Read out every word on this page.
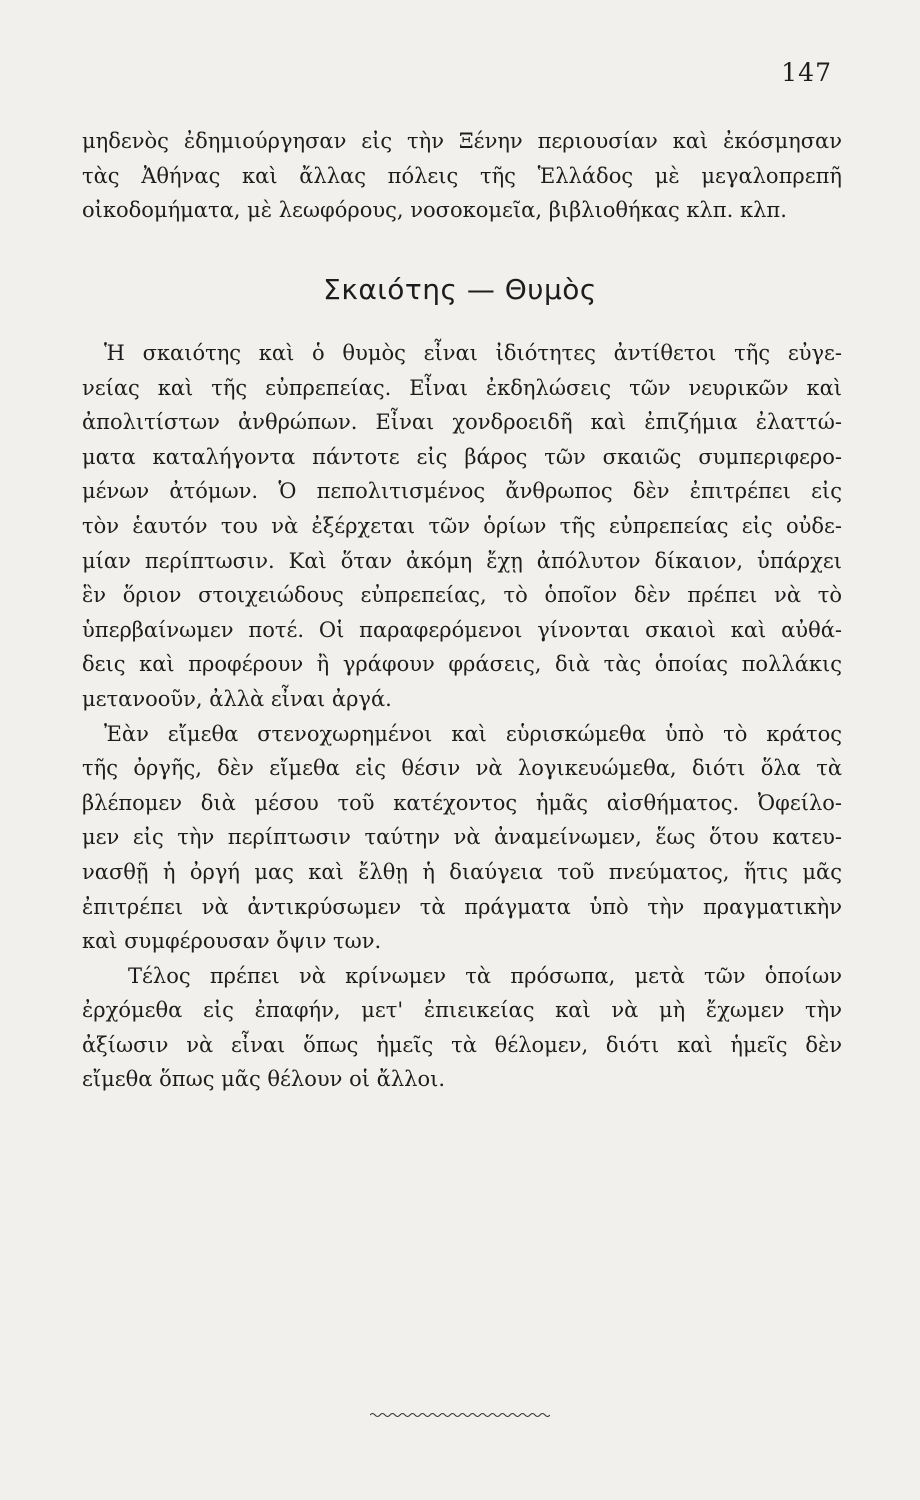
147
μηδενὸς ἐδημιούργησαν εἰς τὴν Ξένην περιουσίαν καὶ ἐκόσμησαν
τὰς Ἀθήνας καὶ ἄλλας πόλεις τῆς Ἑλλάδος μὲ μεγαλοπρεπῆ
οἰκοδομήματα, μὲ λεωφόρους, νοσοκομεῖα, βιβλιοθήκας κλπ. κλπ.
Σκαιότης — Θυμὸς
Ἡ σκαιότης καὶ ὁ θυμὸς εἶναι ἰδιότητες ἀντίθετοι τῆς εὐγε-
νείας καὶ τῆς εὐπρεπείας. Εἶναι ἐκδηλώσεις τῶν νευρικῶν καὶ
ἀπολιτίστων ἀνθρώπων. Εἶναι χονδροειδῆ καὶ ἐπιζήμια ἐλαττώ-
ματα καταλήγοντα πάντοτε εἰς βάρος τῶν σκαιῶς συμπεριφερο-
μένων ἀτόμων. Ὁ πεπολιτισμένος ἄνθρωπος δὲν ἐπιτρέπει εἰς
τὸν ἑαυτόν του νὰ ἐξέρχεται τῶν ὁρίων τῆς εὐπρεπείας εἰς οὐδε-
μίαν περίπτωσιν. Καὶ ὅταν ἀκόμη ἔχῃ ἀπόλυτον δίκαιον, ὑπάρχει
ἓν ὅριον στοιχειώδους εὐπρεπείας, τὸ ὁποῖον δὲν πρέπει νὰ τὸ
ὑπερβαίνωμεν ποτέ. Οἱ παραφερόμενοι γίνονται σκαιοὶ καὶ αὐθά-
δεις καὶ προφέρουν ἢ γράφουν φράσεις, διὰ τὰς ὁποίας πολλάκις
μετανοοῦν, ἀλλὰ εἶναι ἀργά.
Ἐὰν εἴμεθα στενοχωρημένοι καὶ εὑρισκώμεθα ὑπὸ τὸ κράτος
τῆς ὀργῆς, δὲν εἴμεθα εἰς θέσιν νὰ λογικευώμεθα, διότι ὅλα τὰ
βλέπομεν διὰ μέσου τοῦ κατέχοντος ἡμᾶς αἰσθήματος. Ὀφείλο-
μεν εἰς τὴν περίπτωσιν ταύτην νὰ ἀναμείνωμεν, ἕως ὅτου κατευ-
νασθῇ ἡ ὀργή μας καὶ ἔλθῃ ἡ διαύγεια τοῦ πνεύματος, ἥτις μᾶς
ἐπιτρέπει νὰ ἀντικρύσωμεν τὰ πράγματα ὑπὸ τὴν πραγματικὴν
καὶ συμφέρουσαν ὄψιν των.
Τέλος πρέπει νὰ κρίνωμεν τὰ πρόσωπα, μετὰ τῶν ὁποίων
ἐρχόμεθα εἰς ἐπαφήν, μετ' ἐπιεικείας καὶ νὰ μὴ ἔχωμεν τὴν
ἀξίωσιν νὰ εἶναι ὅπως ἡμεῖς τὰ θέλομεν, διότι καὶ ἡμεῖς δὲν
εἴμεθα ὅπως μᾶς θέλουν οἱ ἄλλοι.
